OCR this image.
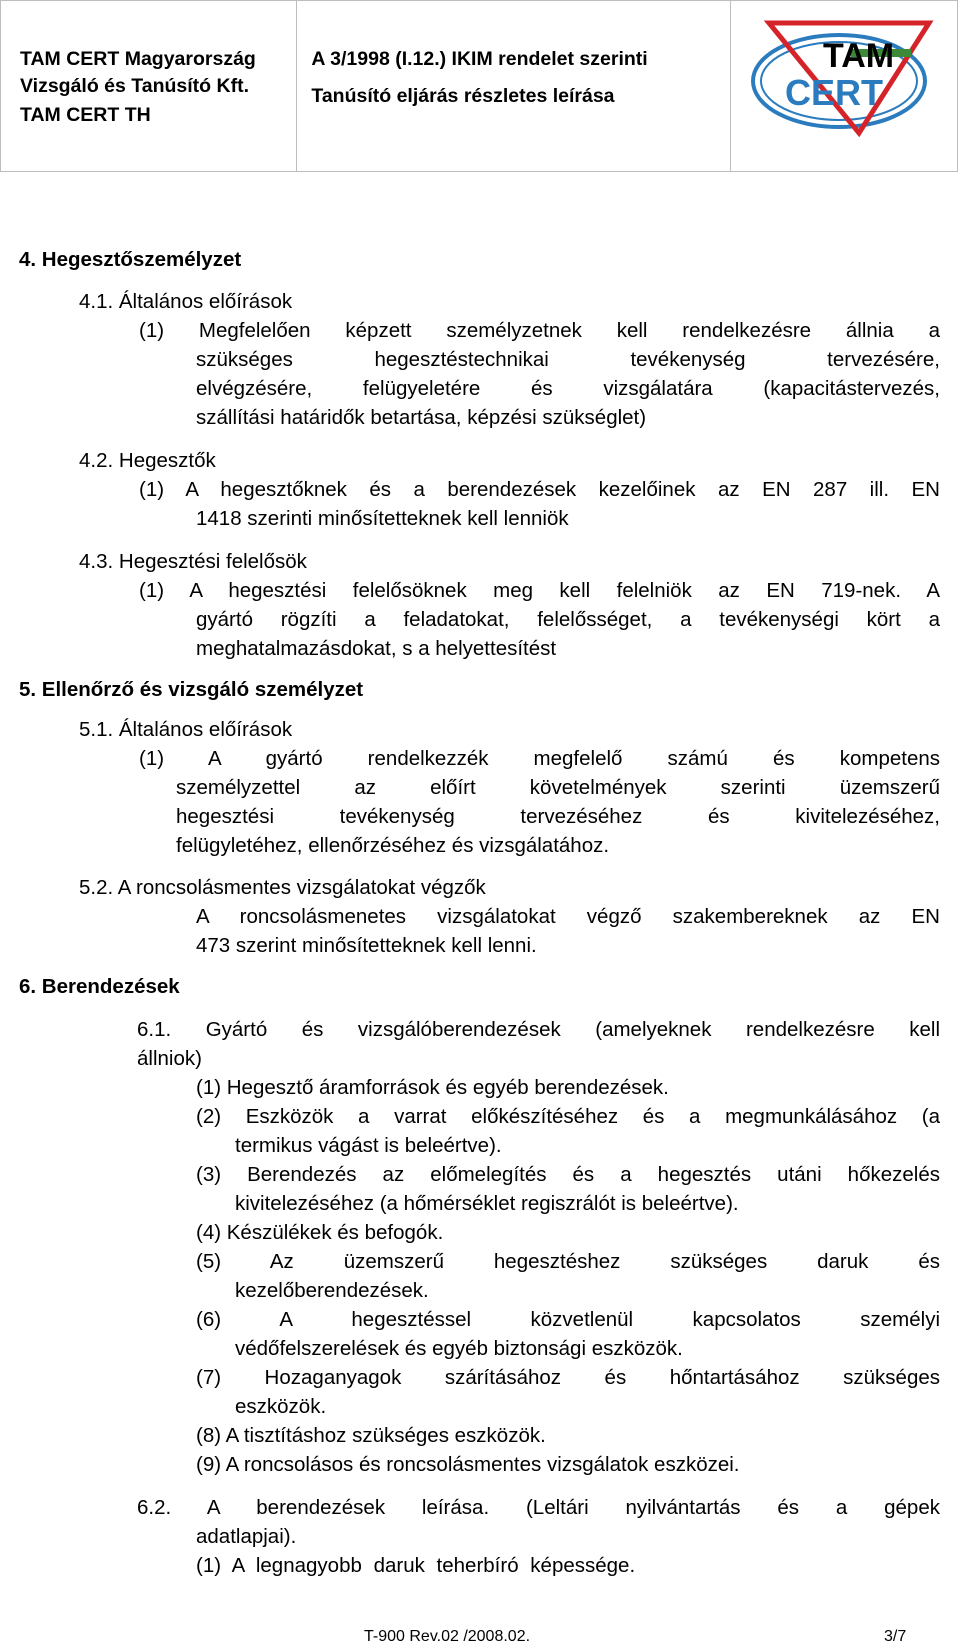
TAM CERT Magyarország
Vizsgáló és Tanúsító Kft.
TAM CERT TH
A 3/1998 (I.12.) IKIM rendelet szerinti
Tanúsító eljárás részletes leírása
TAM
CERT
4. Hegesztőszemélyzet
4.1. Általános előírások
(1) Megfelelően képzett személyzetnek kell rendelkezésre állnia a
szükséges hegesztéstechnikai tevékenység tervezésére,
elvégzésére, felügyeletére és vizsgálatára (kapacitástervezés,
szállítási határidők betartása, képzési szükséglet)
4.2. Hegesztők
(1) A hegesztőknek és a berendezések kezelőinek az EN 287 ill. EN
1418 szerinti minősítetteknek kell lenniök
4.3. Hegesztési felelősök
(1) A hegesztési felelősöknek meg kell felelniök az EN 719-nek. A
gyártó rögzíti a feladatokat, felelősséget, a tevékenységi kört a
meghatalmazásdokat, s a helyettesítést
5. Ellenőrző és vizsgáló személyzet
5.1. Általános előírások
(1) A gyártó rendelkezzék megfelelő számú és kompetens
személyzettel az előírt követelmények szerinti üzemszerű
hegesztési tevékenység tervezéséhez és kivitelezéséhez,
felügyletéhez, ellenőrzéséhez és vizsgálatához.
5.2. A roncsolásmentes vizsgálatokat végzők
A roncsolásmenetes vizsgálatokat végző szakembereknek az EN
473 szerint minősítetteknek kell lenni.
6. Berendezések
6.1. Gyártó és vizsgálóberendezések (amelyeknek rendelkezésre kell
állniok)
(1) Hegesztő áramforrások és egyéb berendezések.
(2) Eszközök a varrat előkészítéséhez és a megmunkálásához (a
termikus vágást is beleértve).
(3) Berendezés az előmelegítés és a hegesztés utáni hőkezelés
kivitelezéséhez (a hőmérséklet regiszrálót is beleértve).
(4) Készülékek és befogók.
(5) Az üzemszerű hegesztéshez szükséges daruk és
kezelőberendezések.
(6) A hegesztéssel közvetlenül kapcsolatos személyi
védőfelszerelések és egyéb biztonsági eszközök.
(7) Hozaganyagok szárításához és hőntartásához szükséges
eszközök.
(8) A tisztításhoz szükséges eszközök.
(9) A roncsolásos és roncsolásmentes vizsgálatok eszközei.
6.2. A berendezések leírása. (Leltári nyilvántartás és a gépek
adatlapjai).
(1) A legnagyobb daruk teherbíró képessége.
T-900 Rev.02 /2008.02.	3/7
